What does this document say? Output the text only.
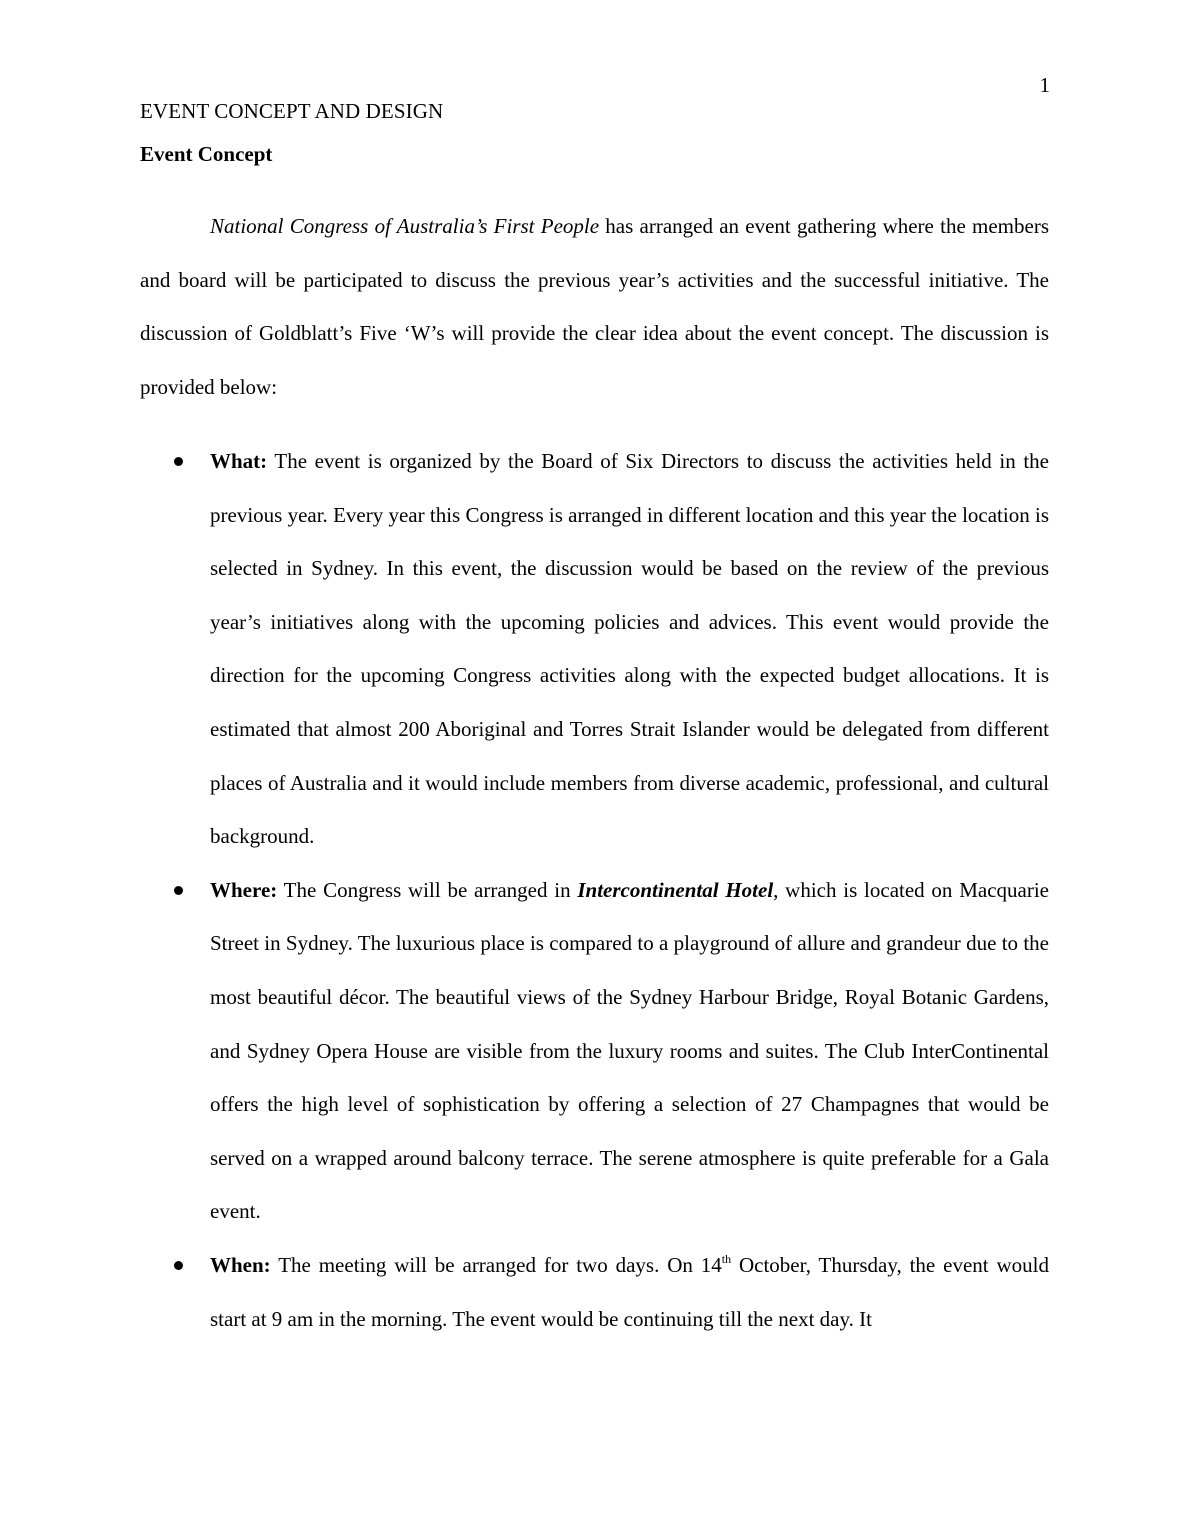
1
EVENT CONCEPT AND DESIGN
Event Concept

National Congress of Australia’s First People has arranged an event gathering where the members and board will be participated to discuss the previous year’s activities and the successful initiative. The discussion of Goldblatt’s Five ‘W’s will provide the clear idea about the event concept. The discussion is provided below:

What: The event is organized by the Board of Six Directors to discuss the activities held in the previous year. Every year this Congress is arranged in different location and this year the location is selected in Sydney. In this event, the discussion would be based on the review of the previous year’s initiatives along with the upcoming policies and advices. This event would provide the direction for the upcoming Congress activities along with the expected budget allocations. It is estimated that almost 200 Aboriginal and Torres Strait Islander would be delegated from different places of Australia and it would include members from diverse academic, professional, and cultural background.
Where: The Congress will be arranged in Intercontinental Hotel, which is located on Macquarie Street in Sydney. The luxurious place is compared to a playground of allure and grandeur due to the most beautiful décor. The beautiful views of the Sydney Harbour Bridge, Royal Botanic Gardens, and Sydney Opera House are visible from the luxury rooms and suites. The Club InterContinental offers the high level of sophistication by offering a selection of 27 Champagnes that would be served on a wrapped around balcony terrace. The serene atmosphere is quite preferable for a Gala event.
When: The meeting will be arranged for two days. On 14th October, Thursday, the event would start at 9 am in the morning. The event would be continuing till the next day. It
